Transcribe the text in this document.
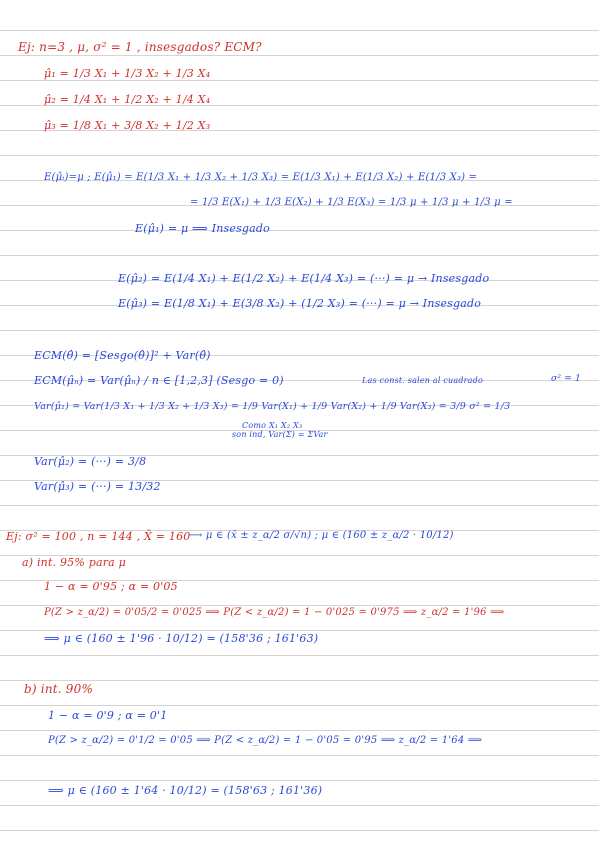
Ej: n=3 , μ, σ² = 1 , insesgados? ECM?
μ̂₁ = 1/3 X₁ + 1/3 X₂ + 1/3 X₄
μ̂₂ = 1/4 X₁ + 1/2 X₂ + 1/4 X₄
μ̂₃ = 1/8 X₁ + 3/8 X₂ + 1/2 X₃
E(μ̂ᵢ)=μ ; E(μ̂₁) = E(1/3 X₁ + 1/3 X₂ + 1/3 X₃) = E(1/3 X₁) + E(1/3 X₂) + E(1/3 X₃) =
= 1/3 E(X₁) + 1/3 E(X₂) + 1/3 E(X₃) = 1/3 μ + 1/3 μ + 1/3 μ =
E(μ̂₁) = μ ⟹ Insesgado
E(μ̂₂) = E(1/4 X₁) + E(1/2 X₂) + E(1/4 X₃) = (···) = μ → Insesgado
E(μ̂₃) = E(1/8 X₁) + E(3/8 X₂) + (1/2 X₃) = (···) = μ → Insesgado
ECM(θ̂) = [Sesgo(θ̂)]² + Var(θ̂)
ECM(μ̂ₙ) = Var(μ̂ₙ) / n ∈ [1,2,3] (Sesgo = 0)	Las const. salen al cuadrado	σ² = 1
Var(μ̂₁) = Var(1/3 X₁ + 1/3 X₂ + 1/3 X₃) = 1/9 Var(X₁) + 1/9 Var(X₂) + 1/9 Var(X₃) = 3/9 σ² = 1/3
Como X₁ X₂ X₃
son ind, Var(Σ) = ΣVar
Var(μ̂₂) = (···) = 3/8
Var(μ̂₃) = (···) = 13/32
Ej: σ² = 100 , n = 144 , X̄ = 160
⟶ μ ∈ (x̄ ± z_α/2 σ/√n) ; μ ∈ (160 ± z_α/2 · 10/12)
a) int. 95% para μ
1 − α = 0'95 ; α = 0'05
P(Z > z_α/2) = 0'05/2 = 0'025 ⟹ P(Z < z_α/2) = 1 − 0'025 = 0'975 ⟹ z_α/2 = 1'96 ⟹
⟹ μ ∈ (160 ± 1'96 · 10/12) = (158'36 ; 161'63)
b) int. 90%
1 − α = 0'9 ; α = 0'1
P(Z > z_α/2) = 0'1/2 = 0'05 ⟹ P(Z < z_α/2) = 1 − 0'05 = 0'95 ⟹ z_α/2 = 1'64 ⟹
⟹ μ ∈ (160 ± 1'64 · 10/12) = (158'63 ; 161'36)
